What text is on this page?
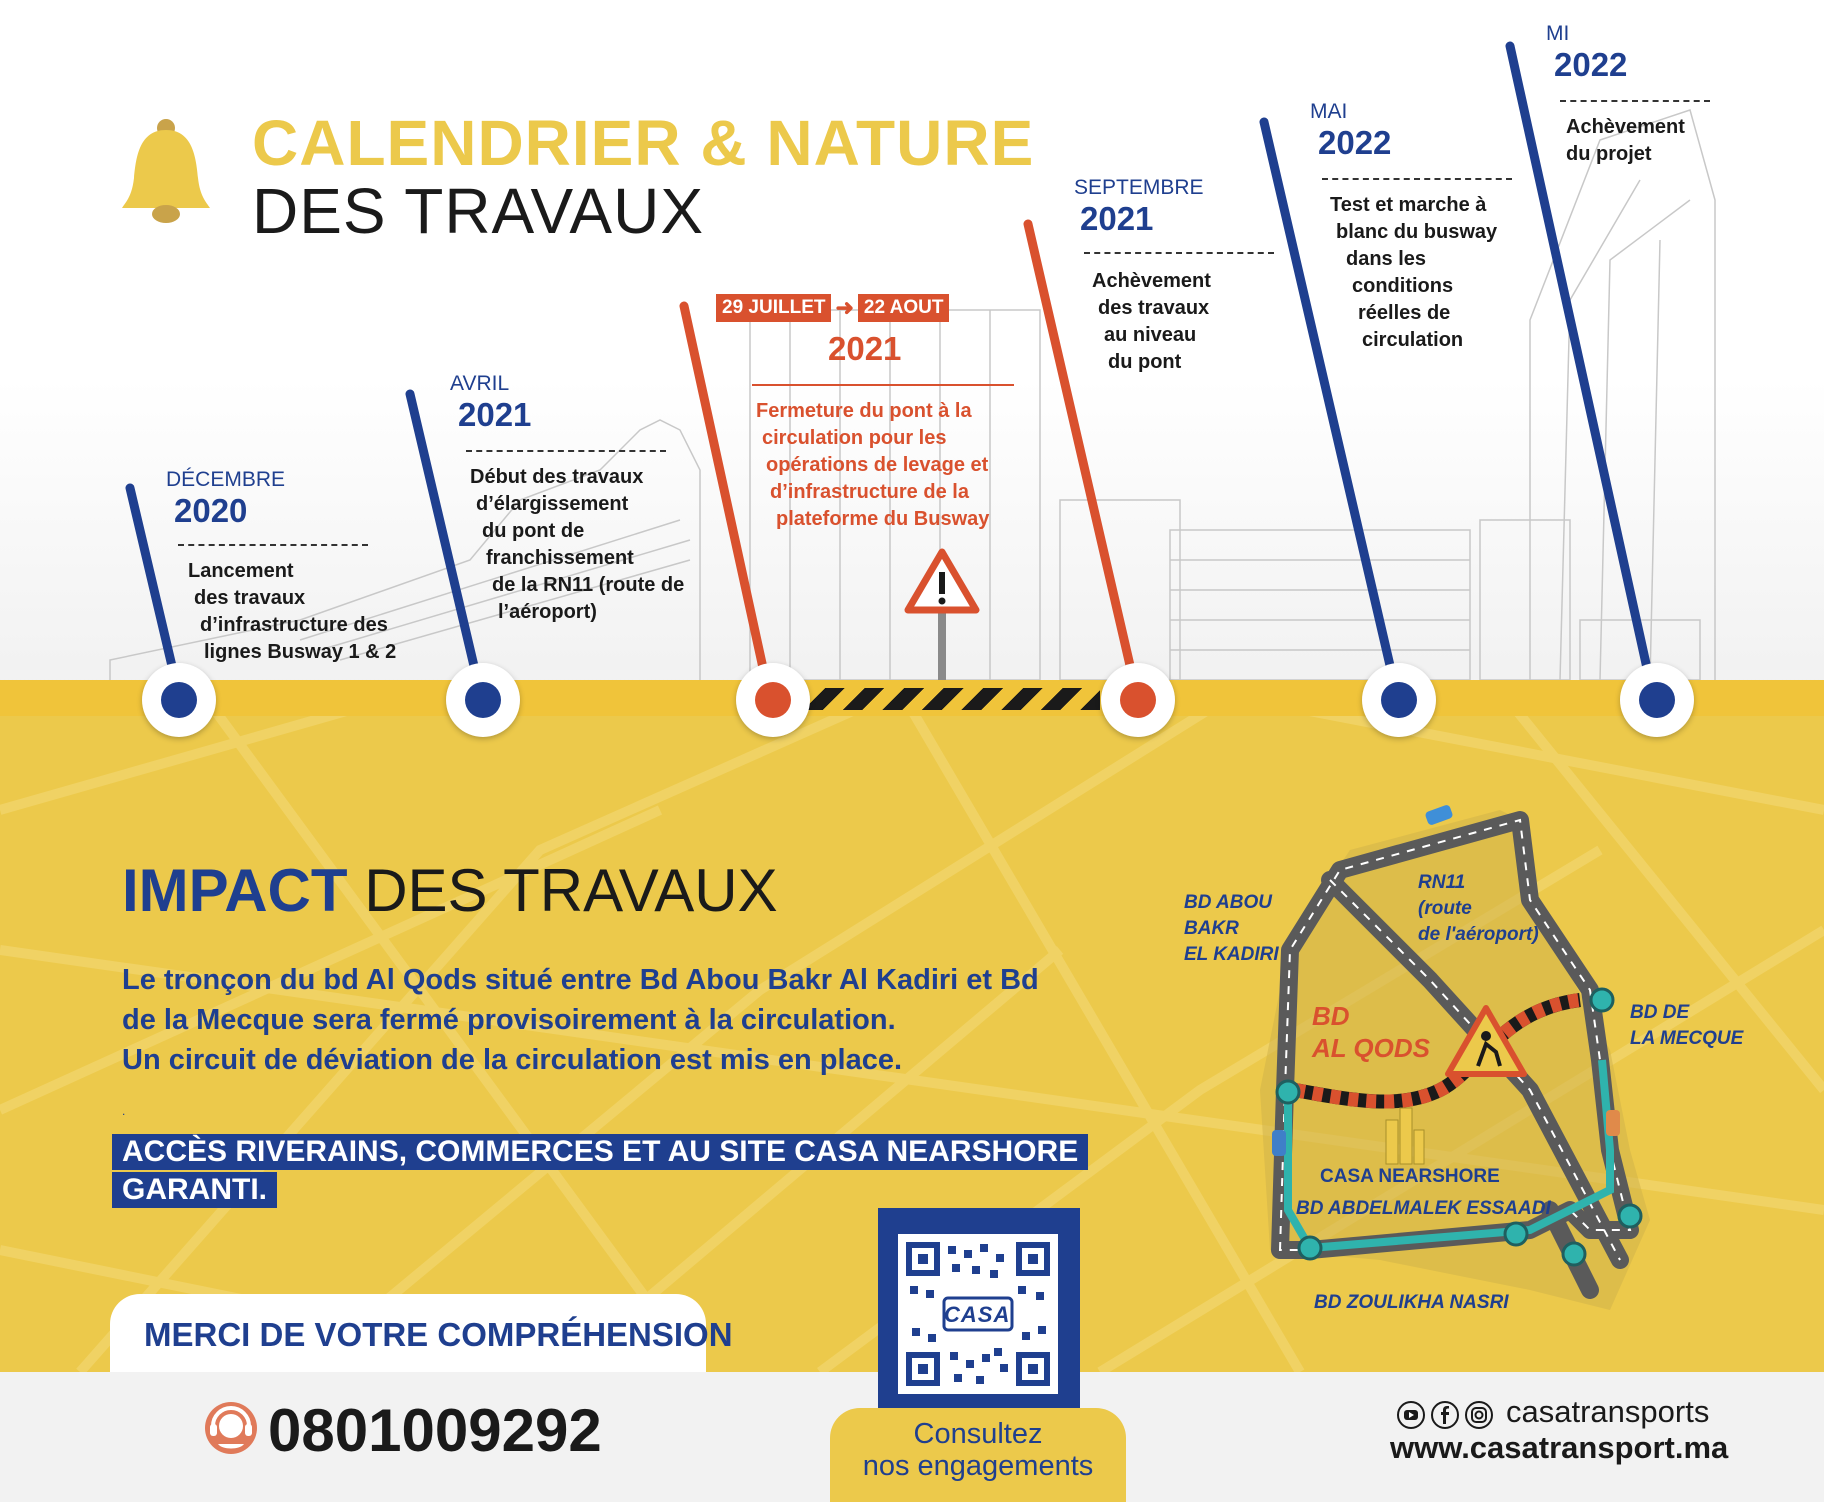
CALENDRIER & NATURE
DES TRAVAUX
DÉCEMBRE
2020
Lancement
des travaux
d’infrastructure des
lignes Busway 1 & 2
AVRIL
2021
Début des travaux
d’élargissement
du pont de
franchissement
de la RN11 (route de
l’aéroport)
29 JUILLET ➜ 22 AOUT
2021
Fermeture du pont à la
circulation pour les
opérations de levage et
d’infrastructure de la
plateforme du Busway
SEPTEMBRE
2021
Achèvement
des travaux
au niveau
du pont
MAI
2022
Test et marche à
blanc du busway
dans les
conditions
réelles de
circulation
MI
2022
Achèvement
du projet
IMPACT DES TRAVAUX
Le tronçon du bd Al Qods situé entre Bd Abou Bakr Al Kadiri et Bd
de la Mecque sera fermé provisoirement à la circulation.
Un circuit de déviation de la circulation est mis en place.
.
ACCÈS RIVERAINS, COMMERCES ET AU SITE CASA NEARSHORE
GARANTI.
MERCI DE VOTRE COMPRÉHENSION
BD ABOU
BAKR
EL KADIRI
RN11
(route
de l'aéroport)
BD
AL QODS
BD DE
LA MECQUE
CASA NEARSHORE
BD ABDELMALEK ESSAADI
BD ZOULIKHA NASRI
CASA
Consultez
nos engagements
0801009292	casatransports
www.casatransport.ma
